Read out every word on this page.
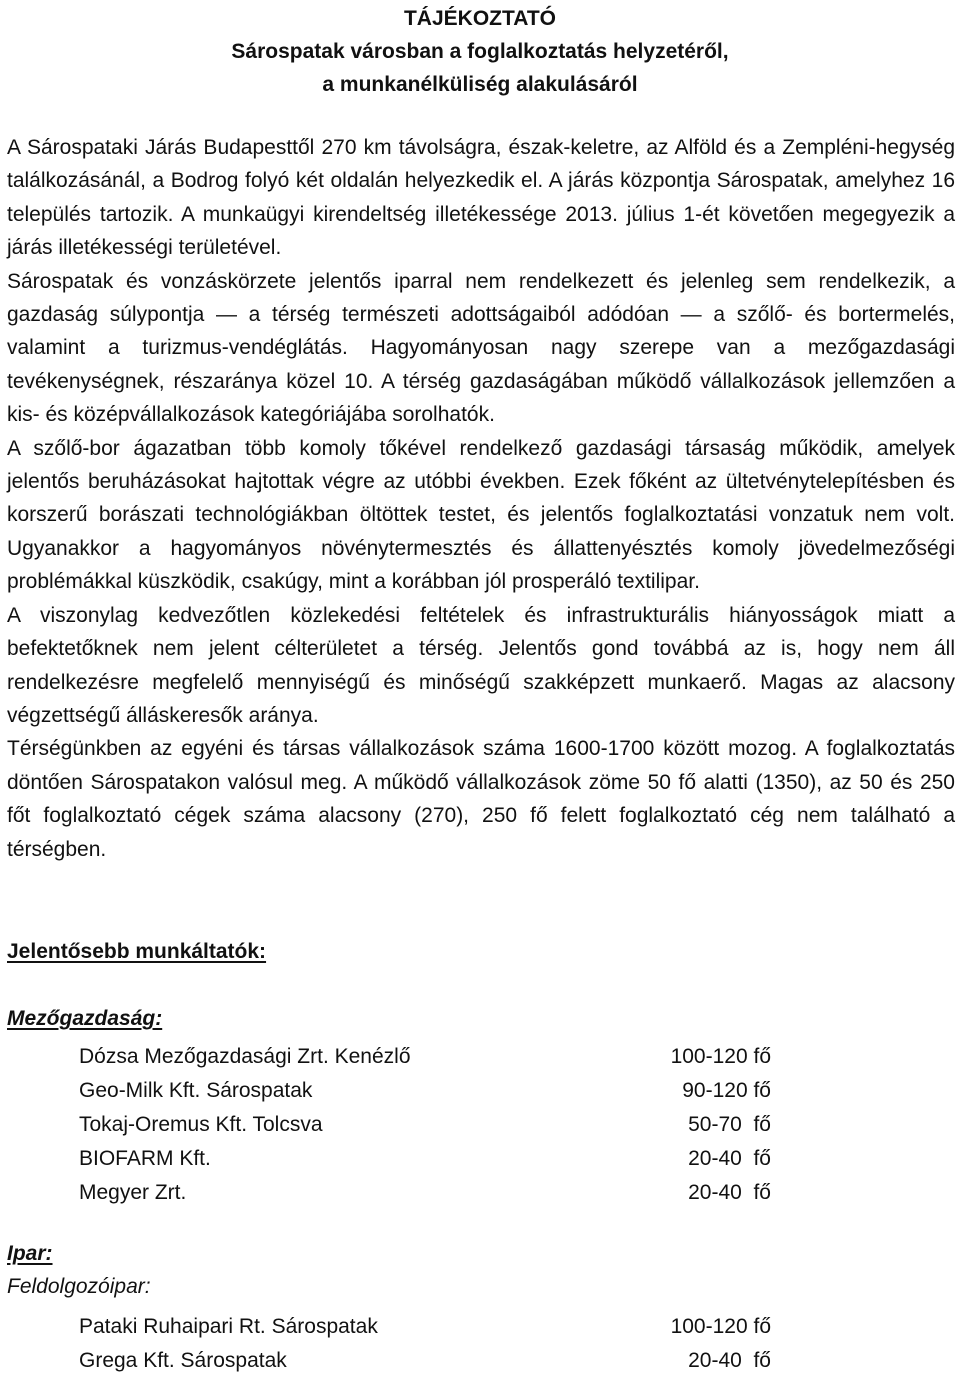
TÁJÉKOZTATÓ
Sárospatak városban a foglalkoztatás helyzetéről,
a munkanélküliség alakulásáról

A Sárospataki Járás Budapesttől 270 km távolságra, észak-keletre, az Alföld és a Zempléni-hegység találkozásánál, a Bodrog folyó két oldalán helyezkedik el. A járás központja Sárospatak, amelyhez 16 település tartozik. A munkaügyi kirendeltség illetékessége 2013. július 1-ét követően megegyezik a járás illetékességi területével.

Sárospatak és vonzáskörzete jelentős iparral nem rendelkezett és jelenleg sem rendelkezik, a gazdaság súlypontja — a térség természeti adottságaiból adódóan — a szőlő- és bortermelés, valamint a turizmus-vendéglátás. Hagyományosan nagy szerepe van a mezőgazdasági tevékenységnek, részaránya közel 10. A térség gazdaságában működő vállalkozások jellemzően a kis- és középvállalkozások kategóriájába sorolhatók.

A szőlő-bor ágazatban több komoly tőkével rendelkező gazdasági társaság működik, amelyek jelentős beruházásokat hajtottak végre az utóbbi években. Ezek főként az ültetvénytelepítésben és korszerű borászati technológiákban öltöttek testet, és jelentős foglalkoztatási vonzatuk nem volt. Ugyanakkor a hagyományos növénytermesztés és állattenyésztés komoly jövedelmezőségi problémákkal küszködik, csakúgy, mint a korábban jól prosperáló textilipar.

A viszonylag kedvezőtlen közlekedési feltételek és infrastrukturális hiányosságok miatt a befektetőknek nem jelent célterületet a térség. Jelentős gond továbbá az is, hogy nem áll rendelkezésre megfelelő mennyiségű és minőségű szakképzett munkaerő. Magas az alacsony végzettségű álláskeresők aránya.

Térségünkben az egyéni és társas vállalkozások száma 1600-1700 között mozog. A foglalkoztatás döntően Sárospatakon valósul meg. A működő vállalkozások zöme 50 fő alatti (1350), az 50 és 250 főt foglalkoztató cégek száma alacsony (270), 250 fő felett foglalkoztató cég nem található a térségben.

Jelentősebb munkáltatók:
Mezőgazdaság:
Dózsa Mezőgazdasági Zrt. Kenézlő	100-120 fő
Geo-Milk Kft. Sárospatak	90-120 fő
Tokaj-Oremus Kft. Tolcsva	50-70  fő
BIOFARM Kft.	20-40  fő
Megyer Zrt.	20-40  fő
Ipar:
Feldolgozóipar:
Pataki Ruhaipari Rt. Sárospatak	100-120 fő
Grega Kft. Sárospatak	20-40  fő
